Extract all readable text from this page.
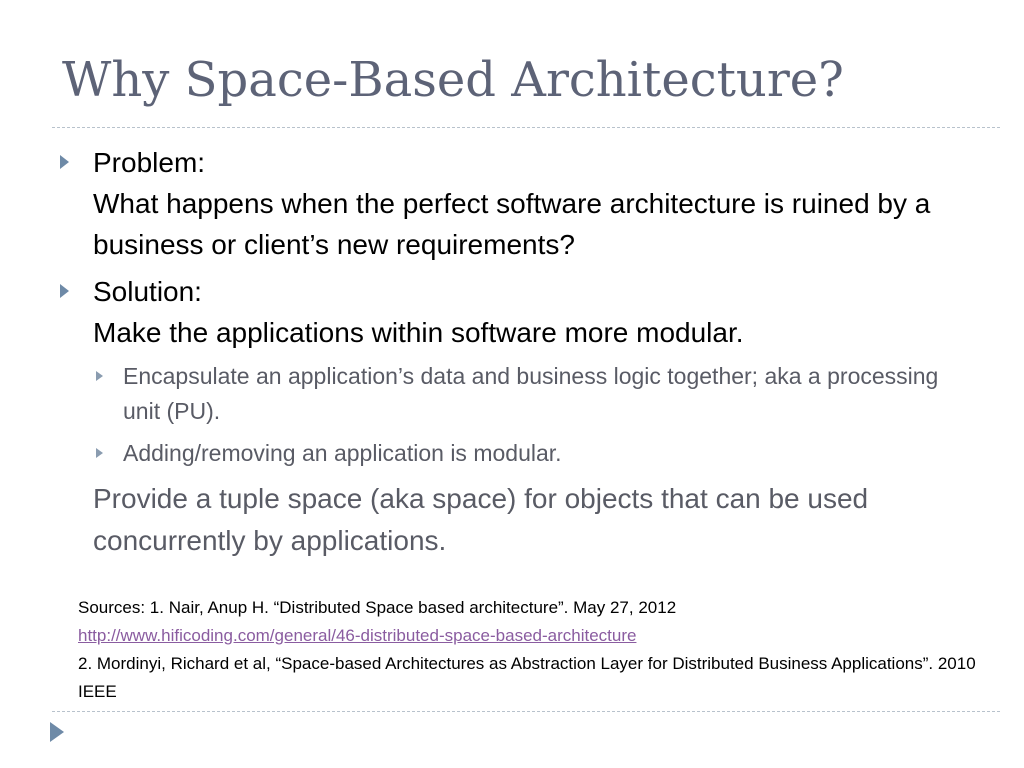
Why Space-Based Architecture?
Problem:
What happens when the perfect software architecture is ruined by a business or client’s new requirements?
Solution:
Make the applications within software more modular.
Encapsulate an application’s data and business logic together; aka a processing unit (PU).
Adding/removing an application is modular.
Provide a tuple space (aka space) for objects that can be used concurrently by applications.
Sources: 1. Nair, Anup H. “Distributed Space based architecture”. May 27, 2012
http://www.hificoding.com/general/46-distributed-space-based-architecture
2. Mordinyi, Richard et al, “Space-based Architectures as Abstraction Layer for Distributed Business Applications”. 2010 IEEE
